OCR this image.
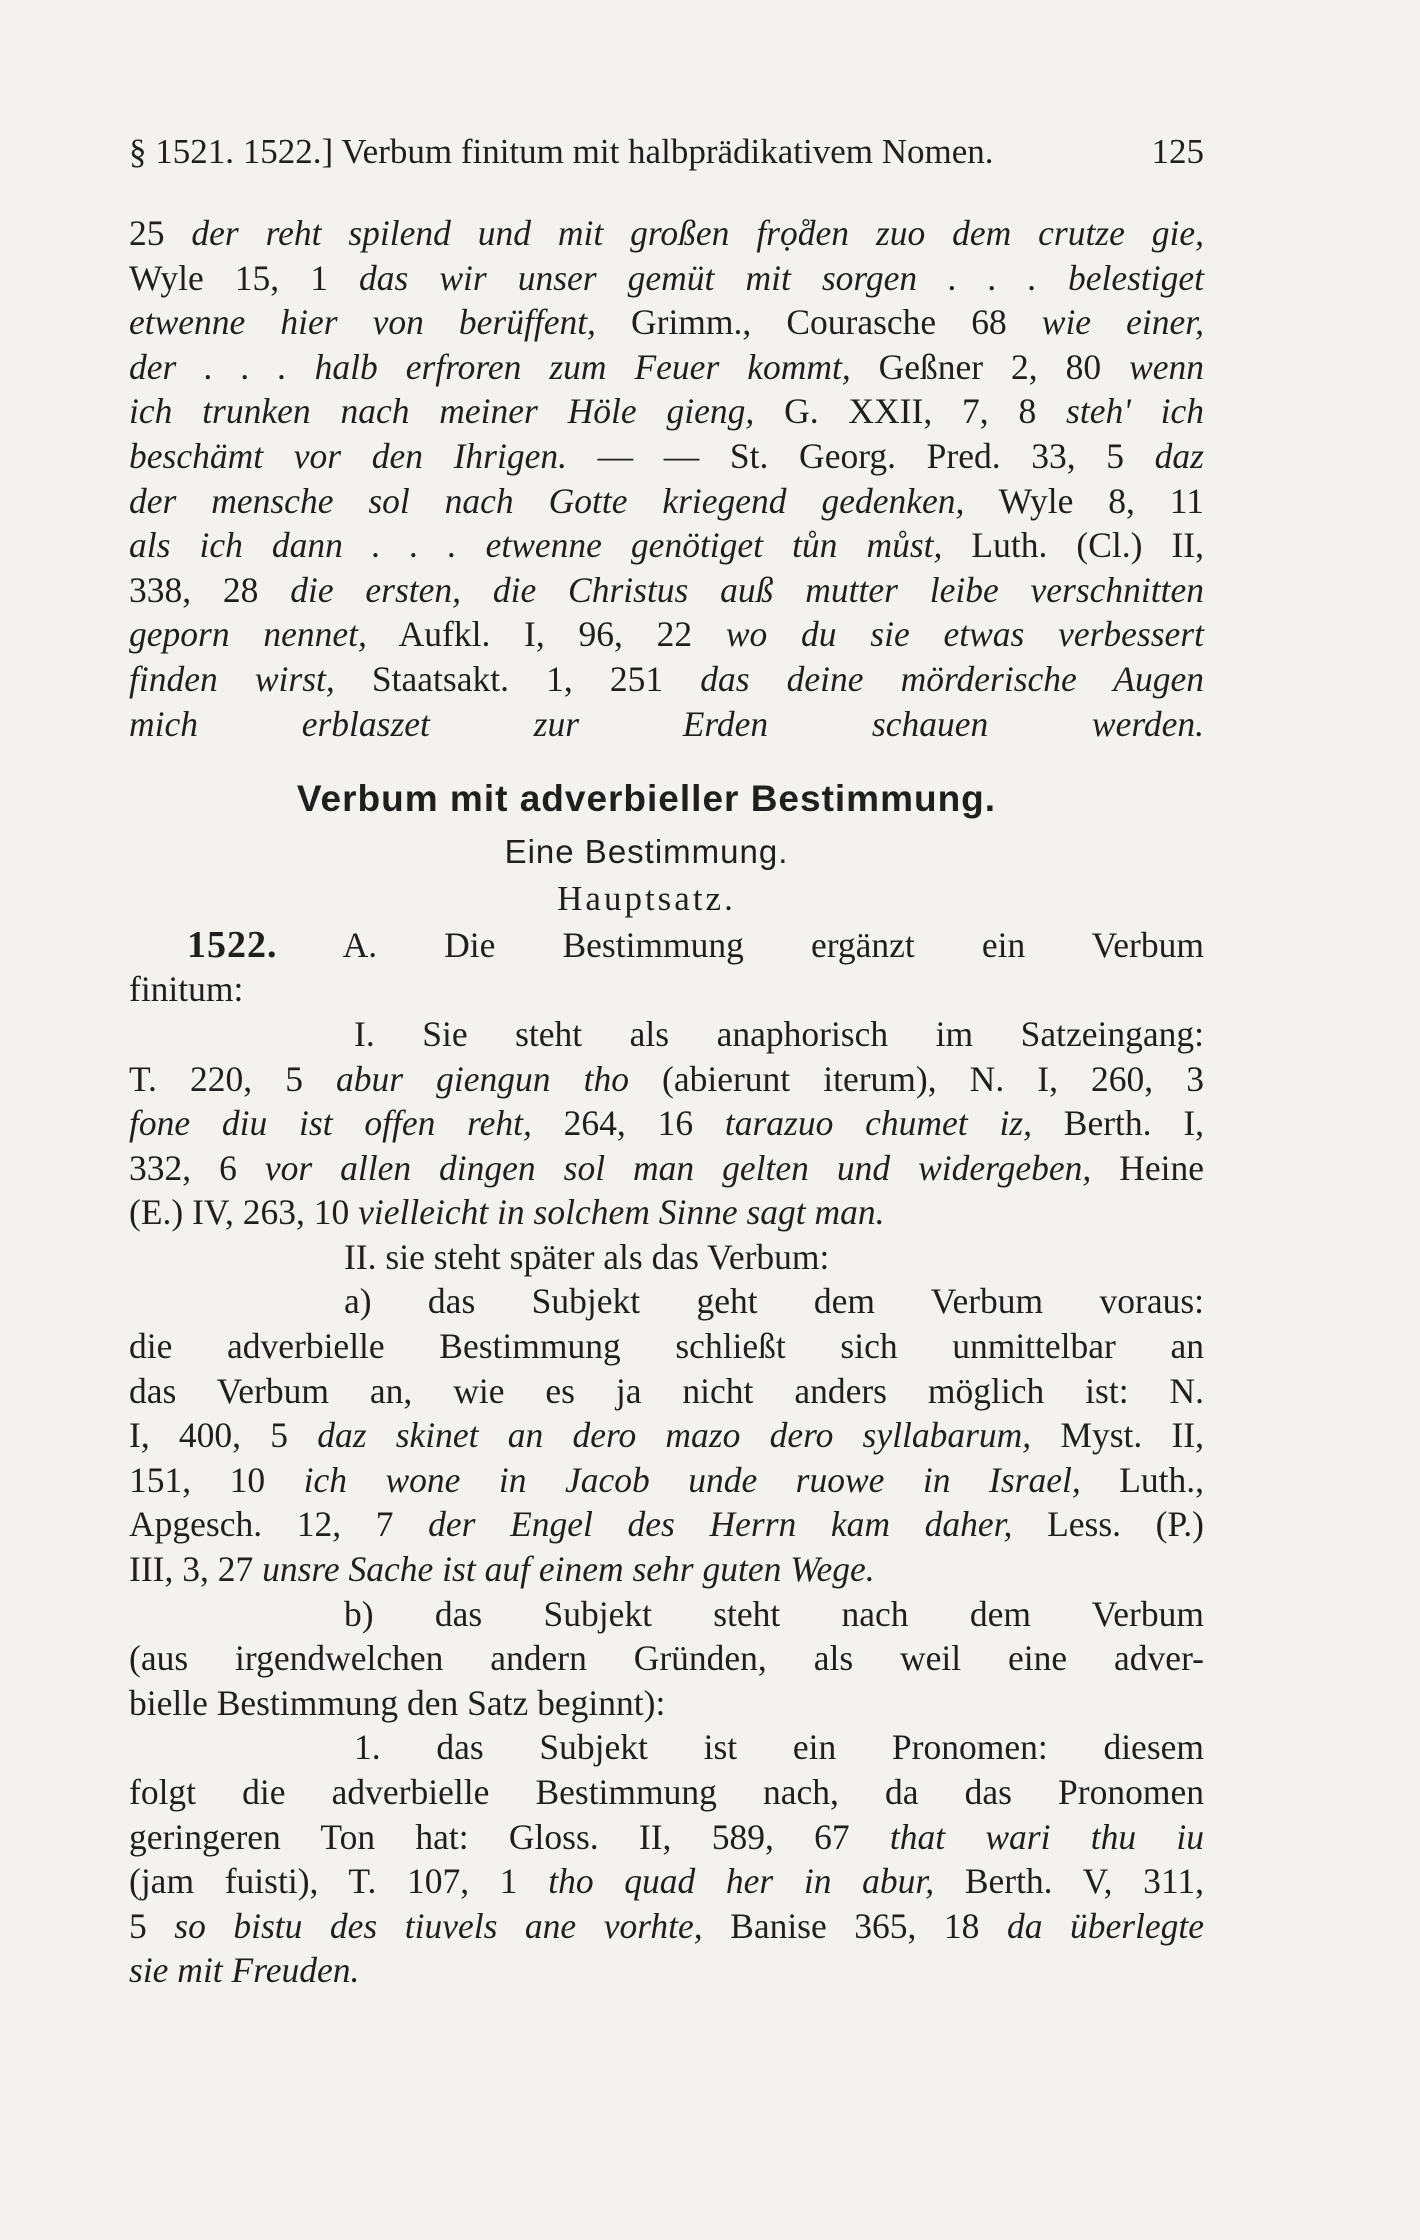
§ 1521. 1522.] Verbum finitum mit halbprädikativem Nomen.	125
25 der reht spilend und mit großen frọ̊den zuo dem crutze gie,
Wyle 15, 1 das wir unser gemüt mit sorgen . . . belestiget
etwenne hier von berüffent, Grimm., Courasche 68 wie einer,
der . . . halb erfroren zum Feuer kommt, Geßner 2, 80 wenn
ich trunken nach meiner Höle gieng, G. XXII, 7, 8 steh' ich
beschämt vor den Ihrigen. — — St. Georg. Pred. 33, 5 daz
der mensche sol nach Gotte kriegend gedenken, Wyle 8, 11
als ich dann . . . etwenne genötiget tůn můst, Luth. (Cl.) II,
338, 28 die ersten, die Christus auß mutter leibe verschnitten
geporn nennet, Aufkl. I, 96, 22 wo du sie etwas verbessert
finden wirst, Staatsakt. 1, 251 das deine mörderische Augen
mich erblaszet zur Erden schauen werden.
Verbum mit adverbieller Bestimmung.
Eine Bestimmung.
Hauptsatz.
1522. A. Die Bestimmung ergänzt ein Verbum
finitum:
I. Sie steht als anaphorisch im Satzeingang:
T. 220, 5 abur giengun tho (abierunt iterum), N. I, 260, 3
fone diu ist offen reht, 264, 16 tarazuo chumet iz, Berth. I,
332, 6 vor allen dingen sol man gelten und widergeben, Heine
(E.) IV, 263, 10 vielleicht in solchem Sinne sagt man.
II. sie steht später als das Verbum:
a) das Subjekt geht dem Verbum voraus:
die adverbielle Bestimmung schließt sich unmittelbar an
das Verbum an, wie es ja nicht anders möglich ist: N.
I, 400, 5 daz skinet an dero mazo dero syllabarum, Myst. II,
151, 10 ich wone in Jacob unde ruowe in Israel, Luth.,
Apgesch. 12, 7 der Engel des Herrn kam daher, Less. (P.)
III, 3, 27 unsre Sache ist auf einem sehr guten Wege.
b) das Subjekt steht nach dem Verbum
(aus irgendwelchen andern Gründen, als weil eine adver-
bielle Bestimmung den Satz beginnt):
1. das Subjekt ist ein Pronomen: diesem
folgt die adverbielle Bestimmung nach, da das Pronomen
geringeren Ton hat: Gloss. II, 589, 67 that wari thu iu
(jam fuisti), T. 107, 1 tho quad her in abur, Berth. V, 311,
5 so bistu des tiuvels ane vorhte, Banise 365, 18 da überlegte
sie mit Freuden.
